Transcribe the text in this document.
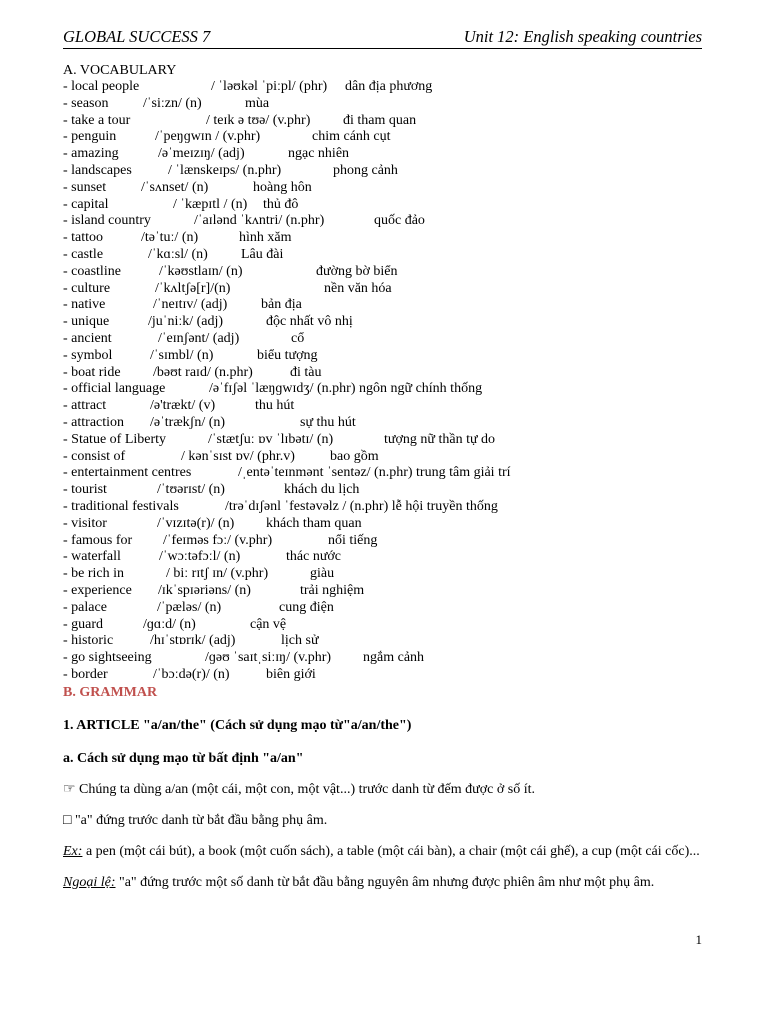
GLOBAL SUCCESS 7	Unit 12: English speaking countries
A. VOCABULARY
- local people	/ ˈləʊkəl ˈpiːpl/ (phr) dân địa phương
- season /ˈsiːzn/ (n)	mùa
- take a tour	/ teɪk ə tʊə/ (v.phr) đi tham quan
- penguin	/ˈpeŋɡwɪn / (v.phr)	chim cánh cụt
- amazing	/əˈmeɪzɪŋ/ (adj)	ngạc nhiên
- landscapes	/ ˈlænskeɪps/ (n.phr)	phong cảnh
- sunset /ˈsʌnset/ (n)	hoàng hôn
- capital	/ ˈkæpɪtl / (n) thủ đô
- island country	/ˈaɪlənd ˈkʌntri/ (n.phr)	quốc đảo
- tattoo	/təˈtuː/ (n)	hình xăm
- castle	/ˈkɑːsl/ (n) Lâu đài
- coastline	/ˈkəʊstlaɪn/ (n)	đường bờ biển
- culture	/ˈkʌltʃə[r]/(n)	nền văn hóa
- native	/ˈneɪtɪv/ (adj) bản địa
- unique	/juˈniːk/ (adj)	độc nhất vô nhị
- ancient	/ˈeɪnʃənt/ (adj)	cổ
- symbol	/ˈsɪmbl/ (n)	biểu tượng
- boat ride /bəʊt raɪd/ (n.phr)	đi tàu
- official language	/əˈfɪʃəl ˈlæŋɡwɪdʒ/ (n.phr) ngôn ngữ chính thống
- attract	/ə'trækt/ (v)	thu hút
- attraction /əˈtrækʃn/ (n)	sự thu hút
- Statue of Liberty	/ˈstætʃuː ɒv ˈlɪbətɪ/ (n)	tượng nữ thần tự do
- consist of	/ kənˈsɪst ɒv/ (phr.v)	bao gồm
- entertainment centres	/ˌentəˈteɪnmənt ˈsentəz/ (n.phr) trung tâm giải trí
- tourist	/ˈtʊərɪst/ (n)	khách du lịch
- traditional festivals	/trəˈdɪʃənl ˈfestəvəlz / (n.phr) lễ hội truyền thống
- visitor	/ˈvɪzɪtə(r)/ (n) khách tham quan
- famous for /ˈfeɪməs fɔː/ (v.phr)	nổi tiếng
- waterfall	/ˈwɔːtəfɔːl/ (n)	thác nước
- be rich in	/ biː rɪtʃ ɪn/ (v.phr)	giàu
- experience /ɪkˈspɪəriəns/ (n)	trải nghiệm
- palace	/ˈpæləs/ (n)	cung điện
- guard	/ɡɑːd/ (n)	cận vệ
- historic	/hɪˈstɒrɪk/ (adj)	lịch sử
- go sightseeing	/ɡəʊ ˈsaɪtˌsiːɪŋ/ (v.phr) ngắm cảnh
- border	/ˈbɔːdə(r)/ (n)	biên giới
B. GRAMMAR
1. ARTICLE "a/an/the" (Cách sử dụng mạo từ"a/an/the")
a. Cách sử dụng mạo từ bất định "a/an"
☞ Chúng ta dùng a/an (một cái, một con, một vật...) trước danh từ đếm được ở số ít.
□ "a" đứng trước danh từ bắt đầu bằng phụ âm.
Ex: a pen (một cái bút), a book (một cuốn sách), a table (một cái bàn), a chair (một cái ghế), a cup (một cái cốc)...
Ngoại lệ: "a" đứng trước một số danh từ bắt đầu bằng nguyên âm nhưng được phiên âm như một phụ âm.
1
